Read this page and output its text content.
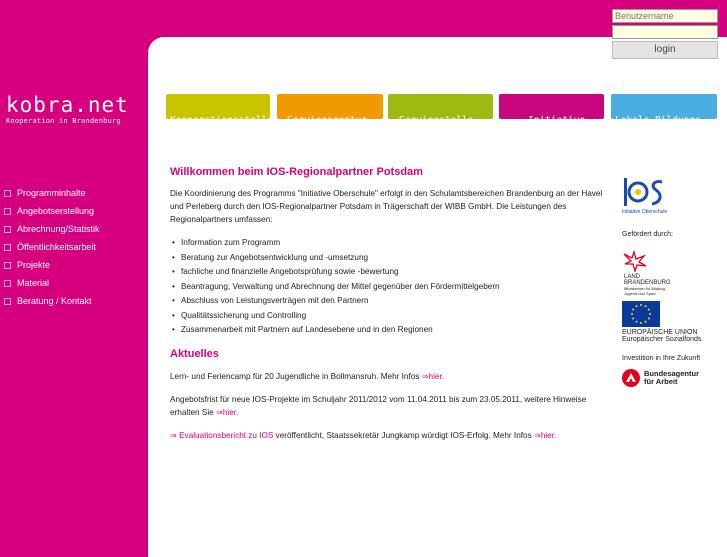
Benutzername
login
kobra.net
Kooperation in Brandenburg

	Kooperationsstelle
Schule-Jugendhilfe

Serviceagentur
Ganztag

Servicestelle
Schülerfirmen

Initiative
Oberschule

Lokale Bildungs-
landschaften

Programminhalte
Angebotserstellung
Abrechnung/Statistik
Öffentlichkeitsarbeit
Projekte
Material
Beratung / Kontakt
Willkommen beim IOS-Regionalpartner Potsdam

Die Koordinierung des Programms "Initiative Oberschule" erfolgt in den Schulamtsbereichen Brandenburg an der Havel und Perleberg durch den IOS-Regionalpartner Potsdam in Trägerschaft der WIBB GmbH. Die Leistungen des Regionalpartners umfassen:

• Information zum Programm
• Beratung zur Angebotsentwicklung und -umsetzung
• fachliche und finanzielle Angebotsprüfung sowie -bewertung
• Beantragung, Verwaltung und Abrechnung der Mittel gegenüber den Fördermittelgebern
• Abschluss von Leistungsverträgen mit den Partnern
• Qualitätssicherung und Controlling
• Zusammenarbeit mit Partnern auf Landesebene und in den Regionen
Aktuelles

Lern- und Feriencamp für 20 Jugendliche in Bollmansruh. Mehr Infos ⇒hier.

Angebotsfrist für neue IOS-Projekte im Schuljahr 2011/2012 vom 11.04.2011 bis zum 23.05.2011, weitere Hinweise erhalten Sie ⇒hier.

⇒ Evaluationsbericht zu IOS veröffentlicht, Staatssekretär Jungkamp würdigt IOS-Erfolg. Mehr Infos ⇒hier.

Initiative Oberschule
Gefördert durch:
LAND
BRANDENBURG
Ministerium für Bildung, Jugend und Sport
EUROPÄISCHE UNION
Europäischer Sozialfonds
Investition in Ihre Zukunft
Bundesagentur
für Arbeit
